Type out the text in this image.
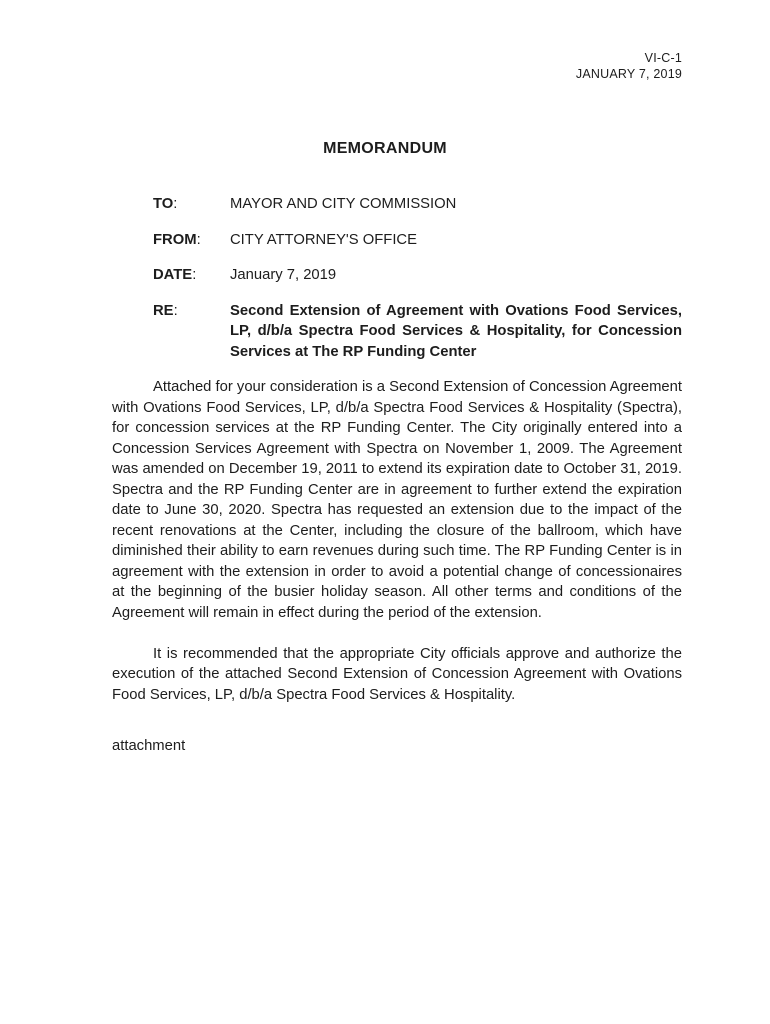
VI-C-1
JANUARY 7, 2019
MEMORANDUM
TO:	MAYOR AND CITY COMMISSION
FROM:	CITY ATTORNEY'S OFFICE
DATE:	January 7, 2019
RE:	Second Extension of Agreement with Ovations Food Services, LP, d/b/a Spectra Food Services & Hospitality, for Concession Services at The RP Funding Center

Attached for your consideration is a Second Extension of Concession Agreement with Ovations Food Services, LP, d/b/a Spectra Food Services & Hospitality (Spectra), for concession services at the RP Funding Center. The City originally entered into a Concession Services Agreement with Spectra on November 1, 2009. The Agreement was amended on December 19, 2011 to extend its expiration date to October 31, 2019. Spectra and the RP Funding Center are in agreement to further extend the expiration date to June 30, 2020. Spectra has requested an extension due to the impact of the recent renovations at the Center, including the closure of the ballroom, which have diminished their ability to earn revenues during such time. The RP Funding Center is in agreement with the extension in order to avoid a potential change of concessionaires at the beginning of the busier holiday season. All other terms and conditions of the Agreement will remain in effect during the period of the extension.

It is recommended that the appropriate City officials approve and authorize the execution of the attached Second Extension of Concession Agreement with Ovations Food Services, LP, d/b/a Spectra Food Services & Hospitality.

attachment
